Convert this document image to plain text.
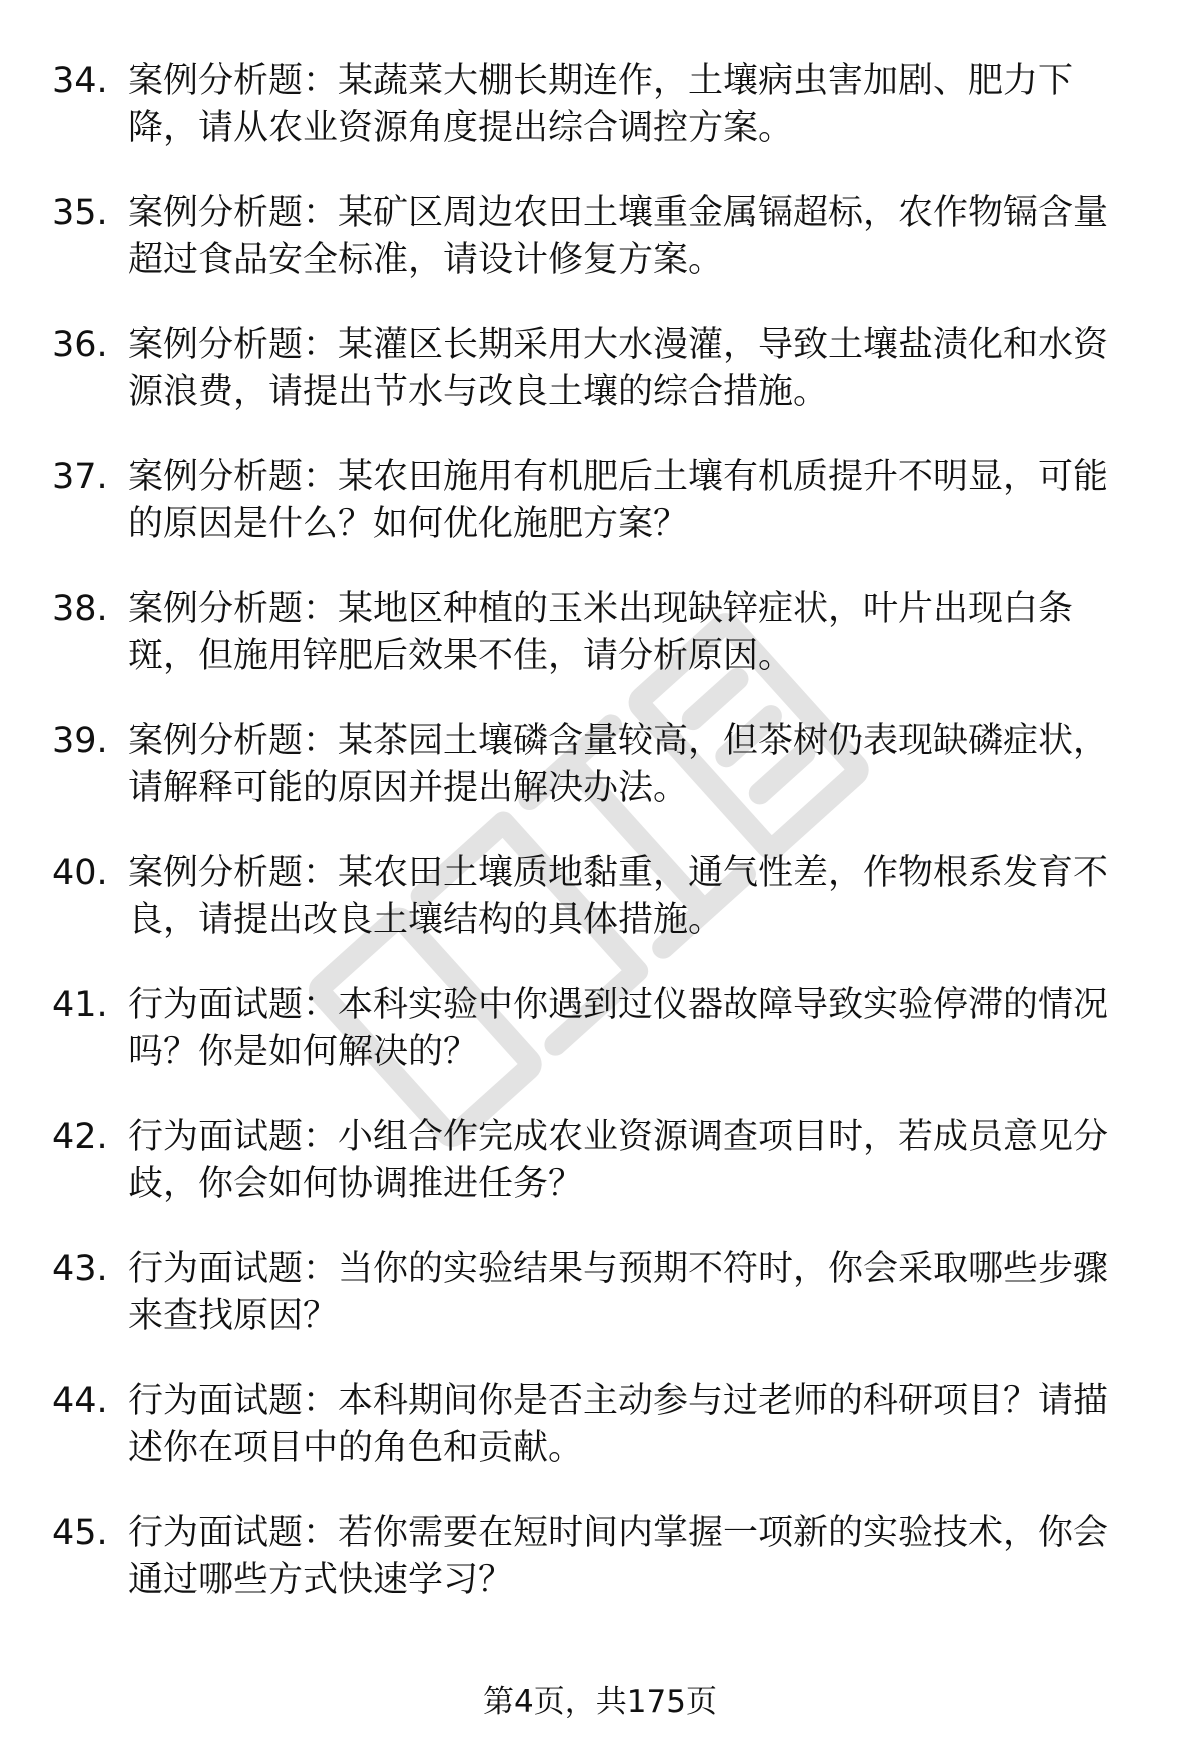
34. 案例分析题：某蔬菜大棚长期连作，土壤病虫害加剧、肥力下降，请从农业资源角度提出综合调控方案。
35. 案例分析题：某矿区周边农田土壤重金属镉超标，农作物镉含量超过食品安全标准，请设计修复方案。
36. 案例分析题：某灌区长期采用大水漫灌，导致土壤盐渍化和水资源浪费，请提出节水与改良土壤的综合措施。
37. 案例分析题：某农田施用有机肥后土壤有机质提升不明显，可能的原因是什么？如何优化施肥方案？
38. 案例分析题：某地区种植的玉米出现缺锌症状，叶片出现白条斑，但施用锌肥后效果不佳，请分析原因。
39. 案例分析题：某茶园土壤磷含量较高，但茶树仍表现缺磷症状，请解释可能的原因并提出解决办法。
40. 案例分析题：某农田土壤质地黏重，通气性差，作物根系发育不良，请提出改良土壤结构的具体措施。
41. 行为面试题：本科实验中你遇到过仪器故障导致实验停滞的情况吗？你是如何解决的？
42. 行为面试题：小组合作完成农业资源调查项目时，若成员意见分歧，你会如何协调推进任务？
43. 行为面试题：当你的实验结果与预期不符时，你会采取哪些步骤来查找原因？
44. 行为面试题：本科期间你是否主动参与过老师的科研项目？请描述你在项目中的角色和贡献。
45. 行为面试题：若你需要在短时间内掌握一项新的实验技术，你会通过哪些方式快速学习？
第4页，共175页
